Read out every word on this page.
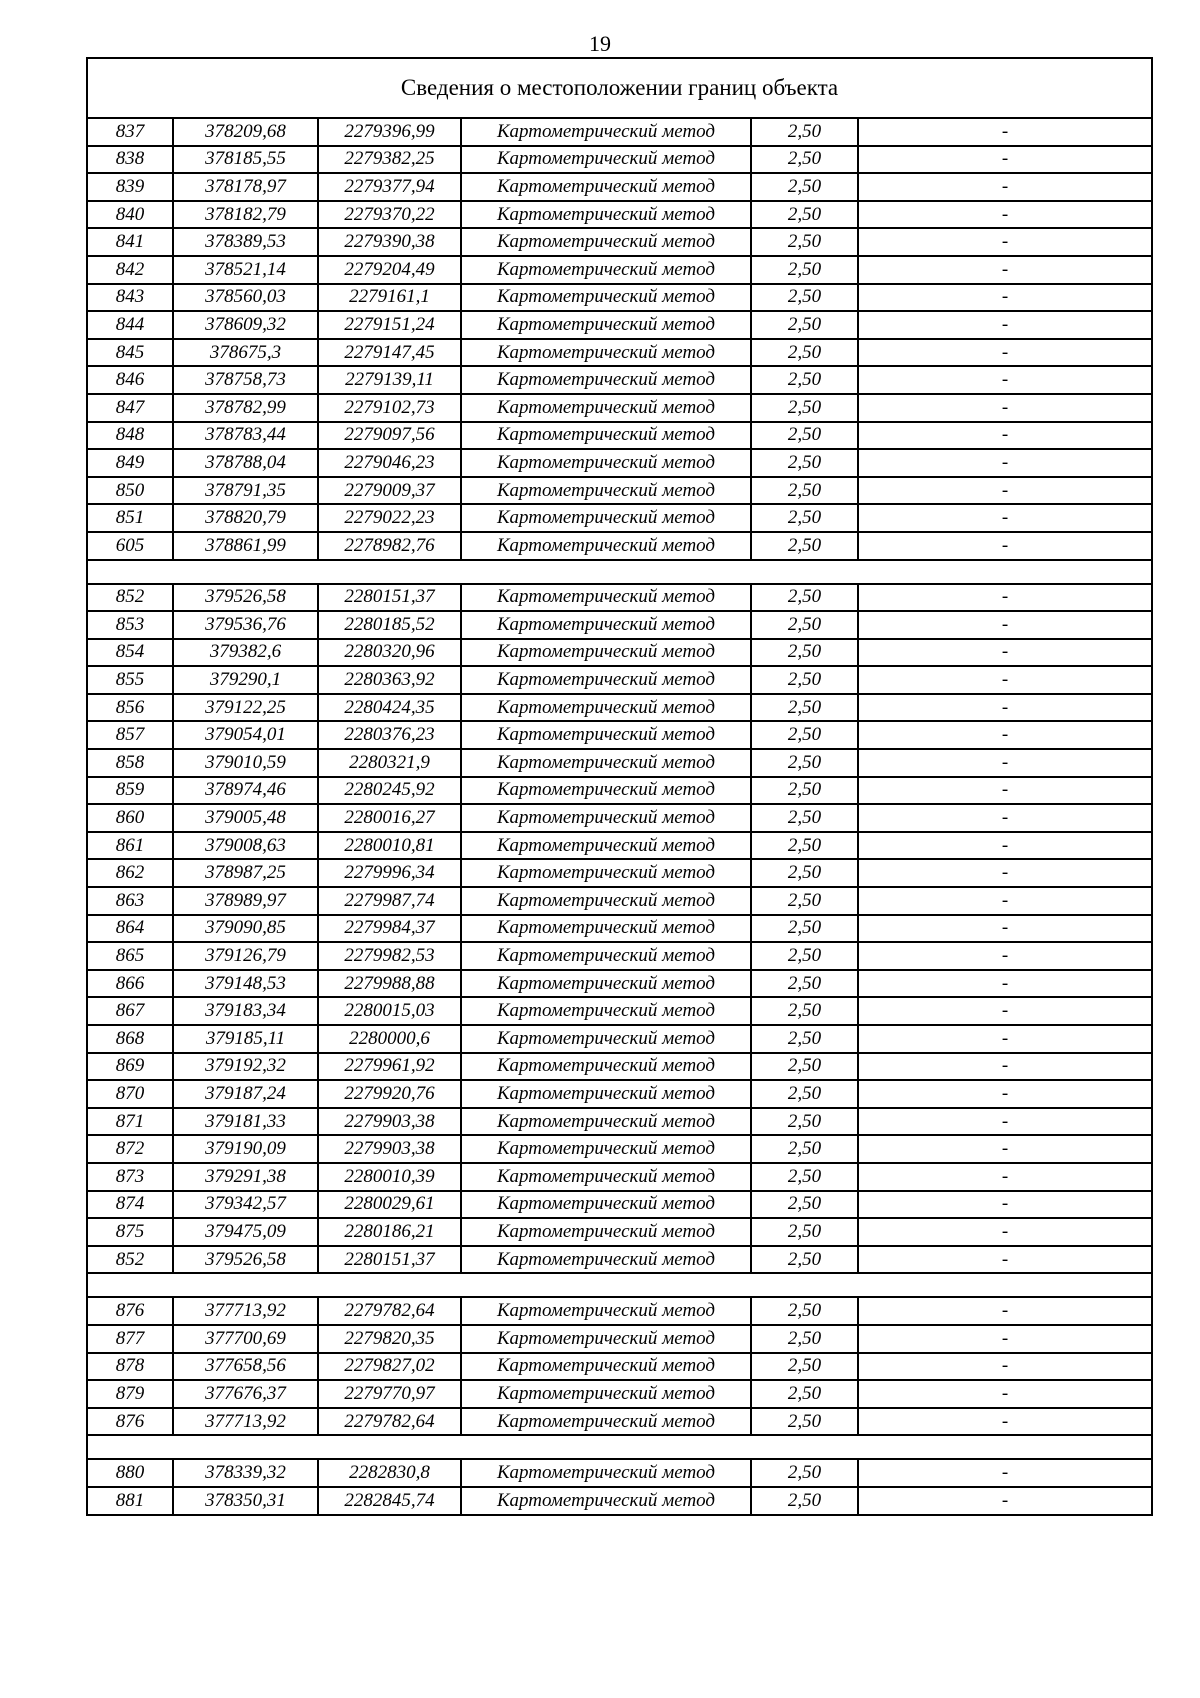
19
Сведения о местоположении границ объекта					
837	378209,68	2279396,99	Картометрический метод	2,50	-
838	378185,55	2279382,25	Картометрический метод	2,50	-
839	378178,97	2279377,94	Картометрический метод	2,50	-
840	378182,79	2279370,22	Картометрический метод	2,50	-
841	378389,53	2279390,38	Картометрический метод	2,50	-
842	378521,14	2279204,49	Картометрический метод	2,50	-
843	378560,03	2279161,1	Картометрический метод	2,50	-
844	378609,32	2279151,24	Картометрический метод	2,50	-
845	378675,3	2279147,45	Картометрический метод	2,50	-
846	378758,73	2279139,11	Картометрический метод	2,50	-
847	378782,99	2279102,73	Картометрический метод	2,50	-
848	378783,44	2279097,56	Картометрический метод	2,50	-
849	378788,04	2279046,23	Картометрический метод	2,50	-
850	378791,35	2279009,37	Картометрический метод	2,50	-
851	378820,79	2279022,23	Картометрический метод	2,50	-
605	378861,99	2278982,76	Картометрический метод	2,50	-

852	379526,58	2280151,37	Картометрический метод	2,50	-
853	379536,76	2280185,52	Картометрический метод	2,50	-
854	379382,6	2280320,96	Картометрический метод	2,50	-
855	379290,1	2280363,92	Картометрический метод	2,50	-
856	379122,25	2280424,35	Картометрический метод	2,50	-
857	379054,01	2280376,23	Картометрический метод	2,50	-
858	379010,59	2280321,9	Картометрический метод	2,50	-
859	378974,46	2280245,92	Картометрический метод	2,50	-
860	379005,48	2280016,27	Картометрический метод	2,50	-
861	379008,63	2280010,81	Картометрический метод	2,50	-
862	378987,25	2279996,34	Картометрический метод	2,50	-
863	378989,97	2279987,74	Картометрический метод	2,50	-
864	379090,85	2279984,37	Картометрический метод	2,50	-
865	379126,79	2279982,53	Картометрический метод	2,50	-
866	379148,53	2279988,88	Картометрический метод	2,50	-
867	379183,34	2280015,03	Картометрический метод	2,50	-
868	379185,11	2280000,6	Картометрический метод	2,50	-
869	379192,32	2279961,92	Картометрический метод	2,50	-
870	379187,24	2279920,76	Картометрический метод	2,50	-
871	379181,33	2279903,38	Картометрический метод	2,50	-
872	379190,09	2279903,38	Картометрический метод	2,50	-
873	379291,38	2280010,39	Картометрический метод	2,50	-
874	379342,57	2280029,61	Картометрический метод	2,50	-
875	379475,09	2280186,21	Картометрический метод	2,50	-
852	379526,58	2280151,37	Картометрический метод	2,50	-

876	377713,92	2279782,64	Картометрический метод	2,50	-
877	377700,69	2279820,35	Картометрический метод	2,50	-
878	377658,56	2279827,02	Картометрический метод	2,50	-
879	377676,37	2279770,97	Картометрический метод	2,50	-
876	377713,92	2279782,64	Картометрический метод	2,50	-

880	378339,32	2282830,8	Картометрический метод	2,50	-
881	378350,31	2282845,74	Картометрический метод	2,50	-
